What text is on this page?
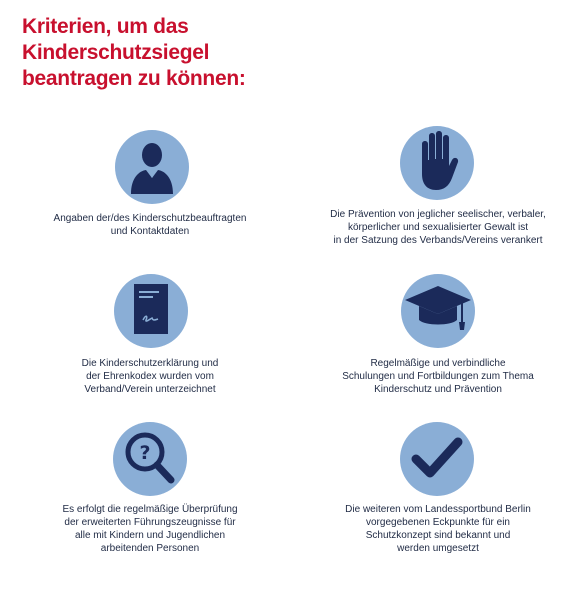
Kriterien, um das
Kinderschutzsiegel
beantragen zu können:
Angaben der/des Kinderschutzbeauftragten
und Kontaktdaten
Die Prävention von jeglicher seelischer, verbaler,
körperlicher und sexualisierter Gewalt ist
in der Satzung des Verbands/Vereins verankert
Die Kinderschutzerklärung und
der Ehrenkodex wurden vom
Verband/Verein unterzeichnet
Regelmäßige und verbindliche
Schulungen und Fortbildungen zum Thema
Kinderschutz und Prävention
?
Es erfolgt die regelmäßige Überprüfung
der erweiterten Führungszeugnisse für
alle mit Kindern und Jugendlichen
arbeitenden Personen
Die weiteren vom Landessportbund Berlin
vorgegebenen Eckpunkte für ein
Schutzkonzept sind bekannt und
werden umgesetzt
